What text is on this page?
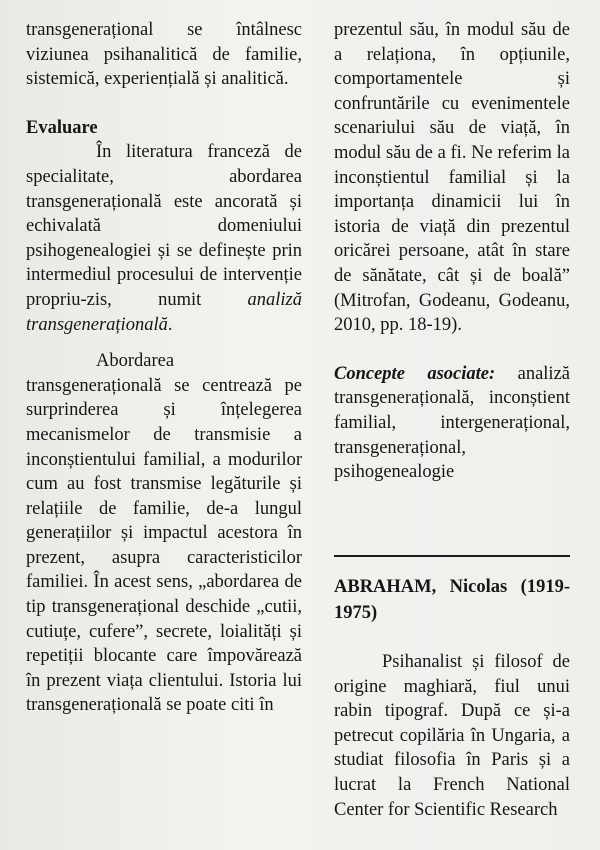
transgenerațional se întâlnesc viziunea psihanalitică de familie, sistemică, experiențială și analitică.

Evaluare

În literatura franceză de specialitate, abordarea transgenerațională este ancorată și echivalată domeniului psihogenealogiei și se definește prin intermediul procesului de intervenție propriu-zis, numit analiză transgenerațională.

Abordarea transgenerațională se centrează pe surprinderea și înțelegerea mecanismelor de transmisie a inconștientului familial, a modurilor cum au fost transmise legăturile și relațiile de familie, de-a lungul generațiilor și impactul acestora în prezent, asupra caracteristicilor familiei. În acest sens, „abordarea de tip transgenerațional deschide „cutii, cutiuțe, cufere”, secrete, loialități și repetiții blocante care împovărează în prezent viața clientului. Istoria lui transgenerațională se poate citi în

prezentul său, în modul său de a relaționa, în opțiunile, comportamentele și confruntările cu evenimentele scenariului său de viață, în modul său de a fi. Ne referim la inconștientul familial și la importanța dinamicii lui în istoria de viață din prezentul oricărei persoane, atât în stare de sănătate, cât și de boală” (Mitrofan, Godeanu, Godeanu, 2010, pp. 18-19).

Concepte asociate: analiză transgenerațională, inconștient familial, intergenerațional, transgenerațional, psihogenealogie

ABRAHAM, Nicolas (1919-1975)

Psihanalist și filosof de origine maghiară, fiul unui rabin tipograf. După ce și-a petrecut copilăria în Ungaria, a studiat filosofia în Paris și a lucrat la French National Center for Scientific Research
